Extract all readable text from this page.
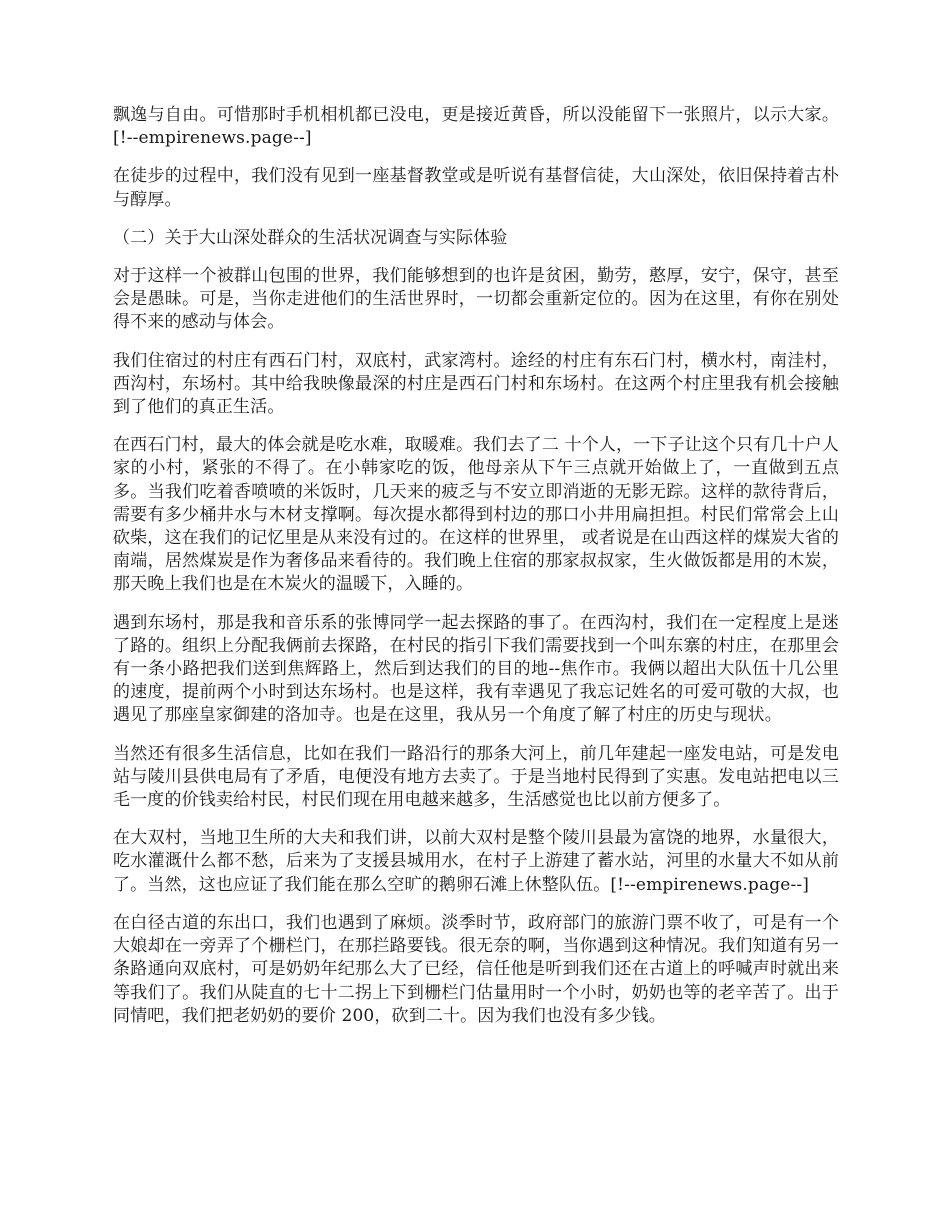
飘逸与自由。可惜那时手机相机都已没电，更是接近黄昏，所以没能留下一张照片，以示大家。[!--empirenews.page--]

在徒步的过程中，我们没有见到一座基督教堂或是听说有基督信徒，大山深处，依旧保持着古朴与醇厚。

（二）关于大山深处群众的生活状况调查与实际体验

对于这样一个被群山包围的世界，我们能够想到的也许是贫困，勤劳，憨厚，安宁，保守，甚至会是愚昧。可是，当你走进他们的生活世界时，一切都会重新定位的。因为在这里，有你在别处得不来的感动与体会。

我们住宿过的村庄有西石门村，双底村，武家湾村。途经的村庄有东石门村，横水村，南洼村，西沟村，东场村。其中给我映像最深的村庄是西石门村和东场村。在这两个村庄里我有机会接触到了他们的真正生活。

在西石门村，最大的体会就是吃水难，取暖难。我们去了二 十个人，一下子让这个只有几十户人家的小村，紧张的不得了。在小韩家吃的饭，他母亲从下午三点就开始做上了，一直做到五点多。当我们吃着香喷喷的米饭时，几天来的疲乏与不安立即消逝的无影无踪。这样的款待背后，需要有多少桶井水与木材支撑啊。每次提水都得到村边的那口小井用扁担担。村民们常常会上山砍柴，这在我们的记忆里是从来没有过的。在这样的世界里， 或者说是在山西这样的煤炭大省的南端，居然煤炭是作为奢侈品来看待的。我们晚上住宿的那家叔叔家，生火做饭都是用的木炭，那天晚上我们也是在木炭火的温暖下，入睡的。

遇到东场村，那是我和音乐系的张博同学一起去探路的事了。在西沟村，我们在一定程度上是迷了路的。组织上分配我俩前去探路，在村民的指引下我们需要找到一个叫东寨的村庄，在那里会有一条小路把我们送到焦辉路上，然后到达我们的目的地--焦作市。我俩以超出大队伍十几公里的速度，提前两个小时到达东场村。也是这样，我有幸遇见了我忘记姓名的可爱可敬的大叔，也遇见了那座皇家御建的洛加寺。也是在这里，我从另一个角度了解了村庄的历史与现状。

当然还有很多生活信息，比如在我们一路沿行的那条大河上，前几年建起一座发电站，可是发电站与陵川县供电局有了矛盾，电便没有地方去卖了。于是当地村民得到了实惠。发电站把电以三毛一度的价钱卖给村民，村民们现在用电越来越多，生活感觉也比以前方便多了。

在大双村，当地卫生所的大夫和我们讲，以前大双村是整个陵川县最为富饶的地界，水量很大，吃水灌溉什么都不愁，后来为了支援县城用水，在村子上游建了蓄水站，河里的水量大不如从前了。当然，这也应证了我们能在那么空旷的鹅卵石滩上休整队伍。[!--empirenews.page--]

在白径古道的东出口，我们也遇到了麻烦。淡季时节，政府部门的旅游门票不收了，可是有一个大娘却在一旁弄了个栅栏门，在那拦路要钱。很无奈的啊，当你遇到这种情况。我们知道有另一条路通向双底村，可是奶奶年纪那么大了已经，信任他是听到我们还在古道上的呼喊声时就出来等我们了。我们从陡直的七十二拐上下到栅栏门估量用时一个小时，奶奶也等的老辛苦了。出于同情吧，我们把老奶奶的要价 200，砍到二十。因为我们也没有多少钱。
